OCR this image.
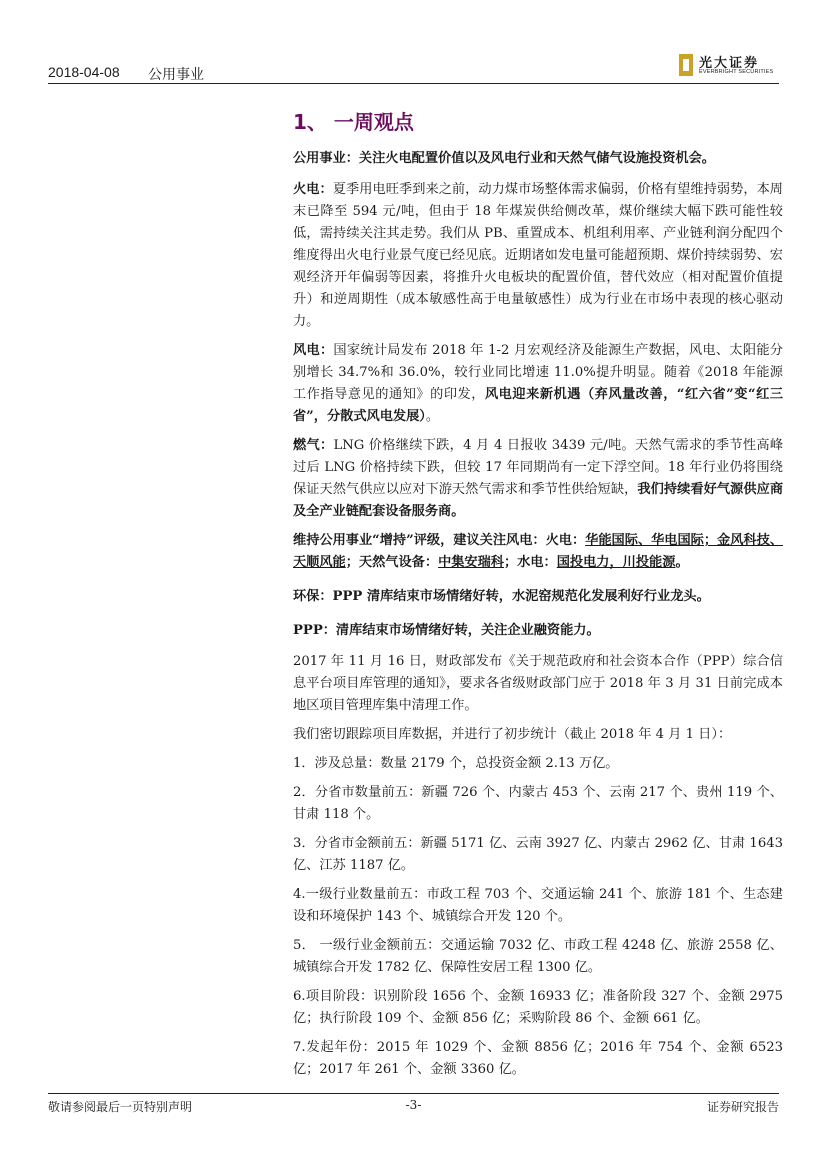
2018-04-08 公用事业
光大证券
EVERBRIGHT SECURITIES
1、 一周观点

公用事业：关注火电配置价值以及风电行业和天然气储气设施投资机会。

火电：夏季用电旺季到来之前，动力煤市场整体需求偏弱，价格有望维持弱势，本周末已降至 594 元/吨，但由于 18 年煤炭供给侧改革，煤价继续大幅下跌可能性较低，需持续关注其走势。我们从 PB、重置成本、机组利用率、产业链利润分配四个维度得出火电行业景气度已经见底。近期诸如发电量可能超预期、煤价持续弱势、宏观经济开年偏弱等因素，将推升火电板块的配置价值，替代效应（相对配置价值提升）和逆周期性（成本敏感性高于电量敏感性）成为行业在市场中表现的核心驱动力。

风电：国家统计局发布 2018 年 1-2 月宏观经济及能源生产数据，风电、太阳能分别增长 34.7%和 36.0%，较行业同比增速 11.0%提升明显。随着《2018 年能源工作指导意见的通知》的印发，风电迎来新机遇（弃风量改善，“红六省”变“红三省”，分散式风电发展）。

燃气：LNG 价格继续下跌，4 月 4 日报收 3439 元/吨。天然气需求的季节性高峰过后 LNG 价格持续下跌，但较 17 年同期尚有一定下浮空间。18 年行业仍将围绕保证天然气供应以应对下游天然气需求和季节性供给短缺，我们持续看好气源供应商及全产业链配套设备服务商。

维持公用事业“增持”评级，建议关注风电：火电：华能国际、华电国际；金风科技、天顺风能；天然气设备：中集安瑞科；水电：国投电力，川投能源。

环保：PPP 清库结束市场情绪好转，水泥窑规范化发展利好行业龙头。

PPP：清库结束市场情绪好转，关注企业融资能力。

2017 年 11 月 16 日，财政部发布《关于规范政府和社会资本合作（PPP）综合信息平台项目库管理的通知》，要求各省级财政部门应于 2018 年 3 月 31 日前完成本地区项目管理库集中清理工作。

我们密切跟踪项目库数据，并进行了初步统计（截止 2018 年 4 月 1 日）：

1．涉及总量：数量 2179 个，总投资金额 2.13 万亿。

2．分省市数量前五：新疆 726 个、内蒙古 453 个、云南 217 个、贵州 119 个、甘肃 118 个。

3．分省市金额前五：新疆 5171 亿、云南 3927 亿、内蒙古 2962 亿、甘肃 1643 亿、江苏 1187 亿。

4.一级行业数量前五：市政工程 703 个、交通运输 241 个、旅游 181 个、生态建设和环境保护 143 个、城镇综合开发 120 个。

5． 一级行业金额前五：交通运输 7032 亿、市政工程 4248 亿、旅游 2558 亿、城镇综合开发 1782 亿、保障性安居工程 1300 亿。

6.项目阶段：识别阶段 1656 个、金额 16933 亿；准备阶段 327 个、金额 2975 亿；执行阶段 109 个、金额 856 亿；采购阶段 86 个、金额 661 亿。

7.发起年份：2015 年 1029 个、金额 8856 亿；2016 年 754 个、金额 6523 亿；2017 年 261 个、金额 3360 亿。

敬请参阅最后一页特别声明	-3-	证券研究报告
